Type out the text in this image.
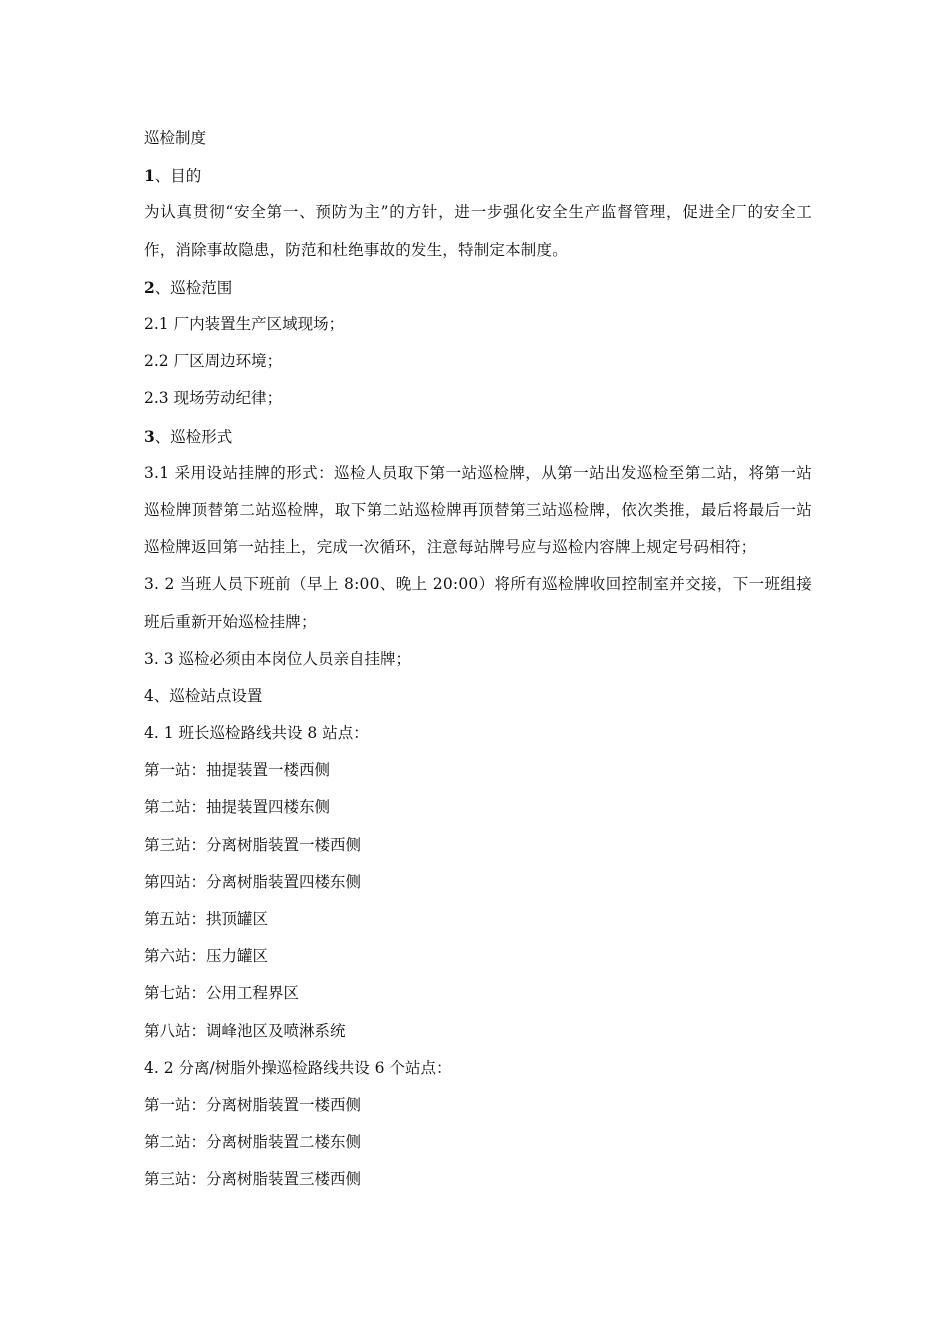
巡检制度
1、目的
为认真贯彻“安全第一、预防为主”的方针，进一步强化安全生产监督管理，促进全厂的安全工作，消除事故隐患，防范和杜绝事故的发生，特制定本制度。
2、巡检范围
2.1 厂内装置生产区域现场；
2.2 厂区周边环境；
2.3 现场劳动纪律；
3、巡检形式
3.1 采用设站挂牌的形式：巡检人员取下第一站巡检牌，从第一站出发巡检至第二站，将第一站巡检牌顶替第二站巡检牌，取下第二站巡检牌再顶替第三站巡检牌，依次类推，最后将最后一站巡检牌返回第一站挂上，完成一次循环，注意每站牌号应与巡检内容牌上规定号码相符；
3. 2 当班人员下班前（早上 8:00、晚上 20:00）将所有巡检牌收回控制室并交接，下一班组接班后重新开始巡检挂牌；
3. 3 巡检必须由本岗位人员亲自挂牌；
4、巡检站点设置
4. 1 班长巡检路线共设 8 站点：
第一站：抽提装置一楼西侧
第二站：抽提装置四楼东侧
第三站：分离树脂装置一楼西侧
第四站：分离树脂装置四楼东侧
第五站：拱顶罐区
第六站：压力罐区
第七站：公用工程界区
第八站：调峰池区及喷淋系统
4. 2 分离/树脂外操巡检路线共设 6 个站点：
第一站：分离树脂装置一楼西侧
第二站：分离树脂装置二楼东侧
第三站：分离树脂装置三楼西侧
